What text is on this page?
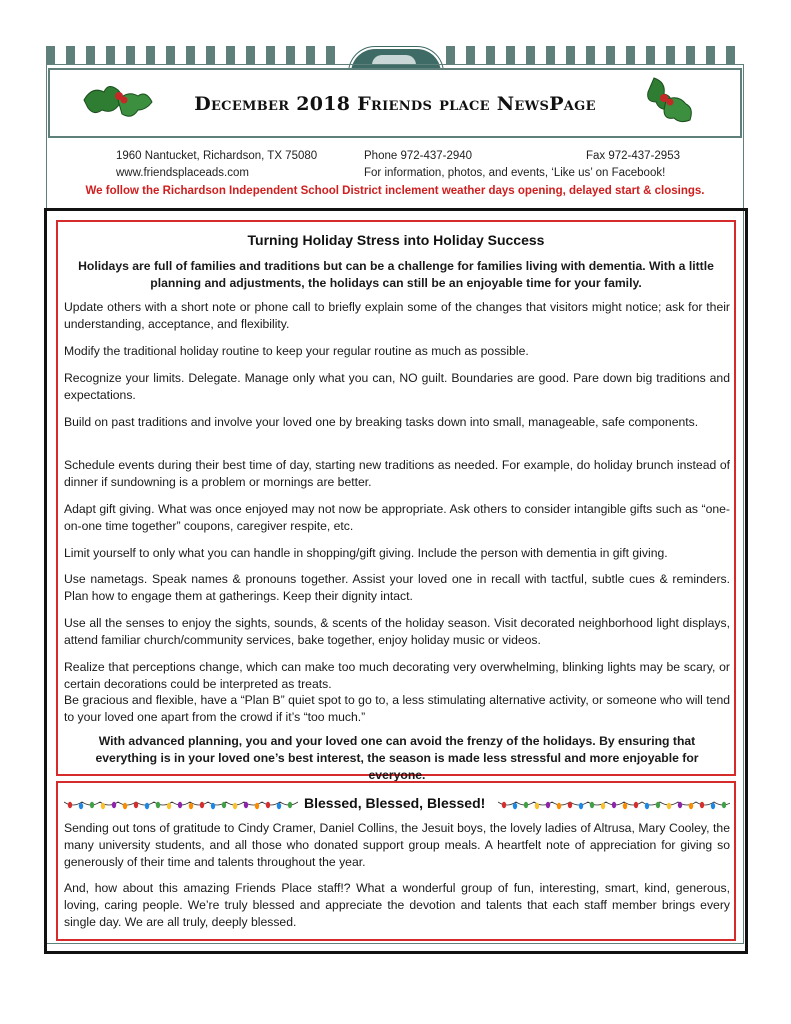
December 2018 Friends place NewsPage
1960 Nantucket, Richardson, TX 75080
www.friendsplaceads.com
Phone 972-437-2940	Fax 972-437-2953
For information, photos, and events, ‘Like us’ on Facebook!
We follow the Richardson Independent School District inclement weather days opening, delayed start & closings.
Turning Holiday Stress into Holiday Success
Holidays are full of families and traditions but can be a challenge for families living with dementia. With a little planning and adjustments, the holidays can still be an enjoyable time for your family.
Update others with a short note or phone call to briefly explain some of the changes that visitors might notice; ask for their understanding, acceptance, and flexibility.
Modify the traditional holiday routine to keep your regular routine as much as possible.
Recognize your limits. Delegate. Manage only what you can, NO guilt. Boundaries are good. Pare down big traditions and expectations.
Build on past traditions and involve your loved one by breaking tasks down into small, manageable, safe components.
Schedule events during their best time of day, starting new traditions as needed. For example, do holiday brunch instead of dinner if sundowning is a problem or mornings are better.
Adapt gift giving. What was once enjoyed may not now be appropriate. Ask others to consider intangible gifts such as “one-on-one time together” coupons, caregiver respite, etc.
Limit yourself to only what you can handle in shopping/gift giving. Include the person with dementia in gift giving.
Use nametags. Speak names & pronouns together. Assist your loved one in recall with tactful, subtle cues & reminders. Plan how to engage them at gatherings. Keep their dignity intact.
Use all the senses to enjoy the sights, sounds, & scents of the holiday season. Visit decorated neighborhood light displays, attend familiar church/community services, bake together, enjoy holiday music or videos.
Realize that perceptions change, which can make too much decorating very overwhelming, blinking lights may be scary, or certain decorations could be interpreted as treats.
Be gracious and flexible, have a “Plan B” quiet spot to go to, a less stimulating alternative activity, or someone who will tend to your loved one apart from the crowd if it’s “too much.”
With advanced planning, you and your loved one can avoid the frenzy of the holidays. By ensuring that everything is in your loved one’s best interest, the season is made less stressful and more enjoyable for everyone.
Blessed, Blessed, Blessed!
Sending out tons of gratitude to Cindy Cramer, Daniel Collins, the Jesuit boys, the lovely ladies of Altrusa, Mary Cooley, the many university students, and all those who donated support group meals. A heartfelt note of appreciation for giving so generously of their time and talents throughout the year.
And, how about this amazing Friends Place staff!? What a wonderful group of fun, interesting, smart, kind, generous, loving, caring people. We’re truly blessed and appreciate the devotion and talents that each staff member brings every single day. We are all truly, deeply blessed.
